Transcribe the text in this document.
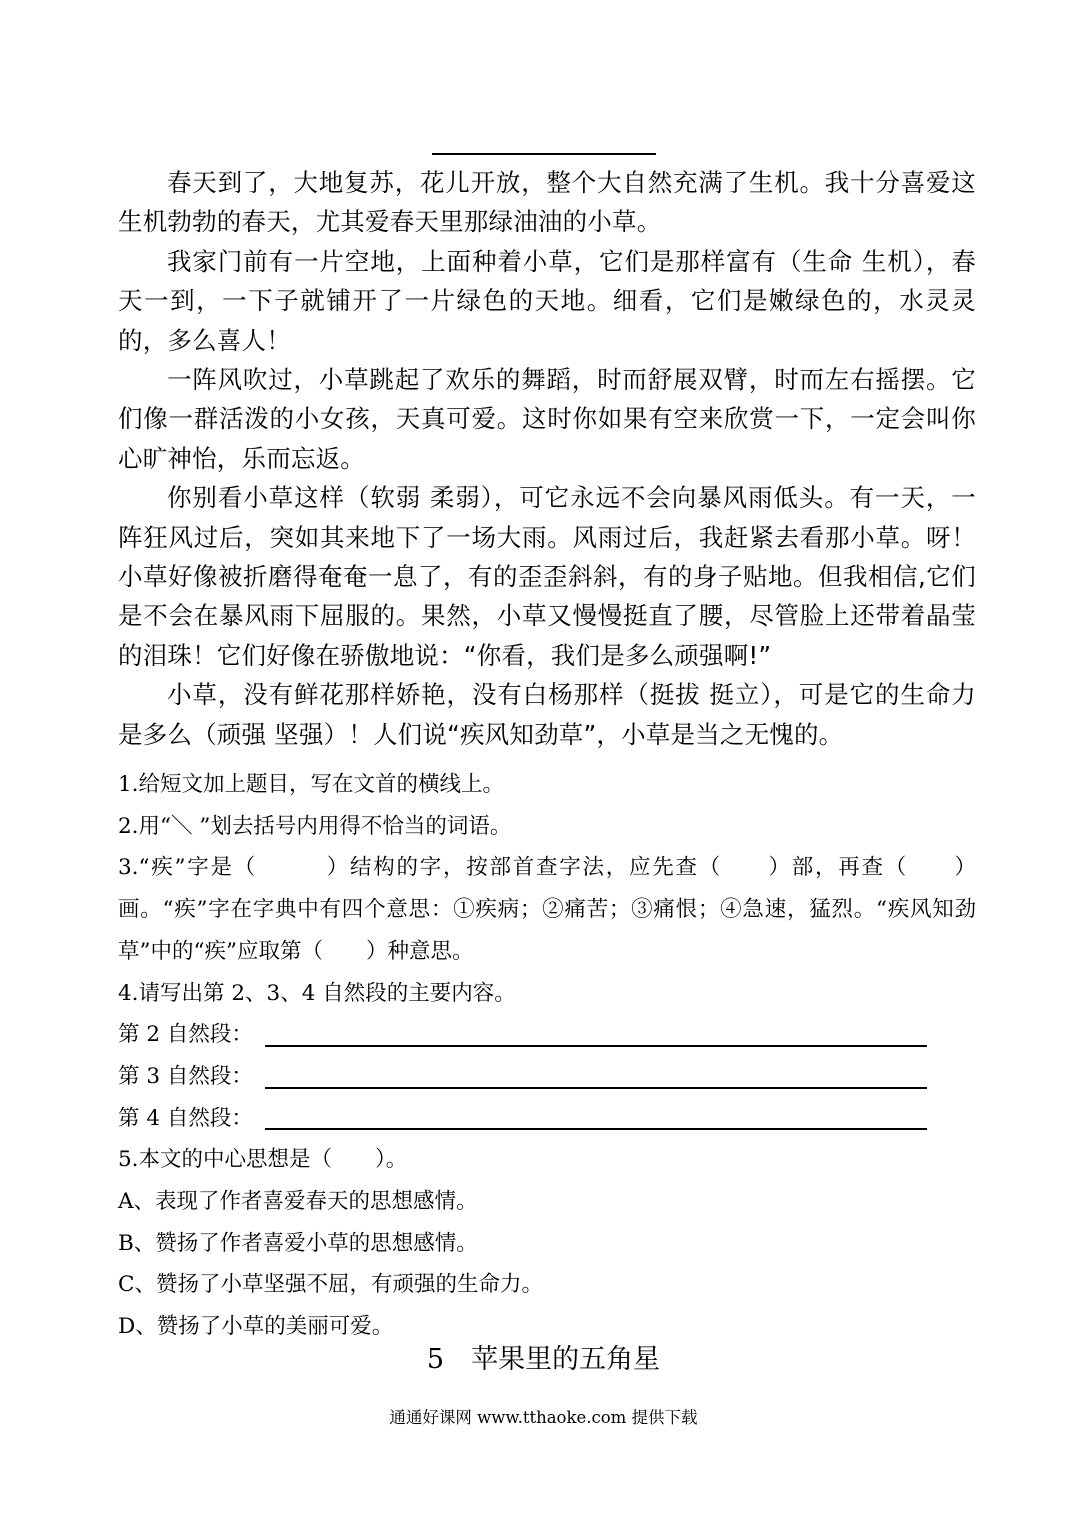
春天到了，大地复苏，花儿开放，整个大自然充满了生机。我十分喜爱这生机勃勃的春天，尤其爱春天里那绿油油的小草。

我家门前有一片空地，上面种着小草，它们是那样富有（生命 生机），春天一到，一下子就铺开了一片绿色的天地。细看，它们是嫩绿色的，水灵灵的，多么喜人！

一阵风吹过，小草跳起了欢乐的舞蹈，时而舒展双臂，时而左右摇摆。它们像一群活泼的小女孩，天真可爱。这时你如果有空来欣赏一下，一定会叫你心旷神怡，乐而忘返。

你别看小草这样（软弱 柔弱），可它永远不会向暴风雨低头。有一天，一阵狂风过后，突如其来地下了一场大雨。风雨过后，我赶紧去看那小草。呀！小草好像被折磨得奄奄一息了，有的歪歪斜斜，有的身子贴地。但我相信,它们是不会在暴风雨下屈服的。果然，小草又慢慢挺直了腰，尽管脸上还带着晶莹的泪珠！它们好像在骄傲地说：“你看，我们是多么顽强啊!”

小草，没有鲜花那样娇艳，没有白杨那样（挺拔 挺立），可是它的生命力是多么（顽强 坚强）！人们说“疾风知劲草”，小草是当之无愧的。

1.给短文加上题目，写在文首的横线上。

2.用“＼ ”划去括号内用得不恰当的词语。

3.“疾”字是（　　　）结构的字，按部首查字法，应先查（　　）部，再查（　　）画。“疾”字在字典中有四个意思：①疾病；②痛苦；③痛恨；④急速，猛烈。“疾风知劲草”中的“疾”应取第（　　）种意思。

4.请写出第 2、3、4 自然段的主要内容。

第 2 自然段：
第 3 自然段：
第 4 自然段：

5.本文的中心思想是（　　）。

A、表现了作者喜爱春天的思想感情。

B、赞扬了作者喜爱小草的思想感情。

C、赞扬了小草坚强不屈，有顽强的生命力。

D、赞扬了小草的美丽可爱。

5　苹果里的五角星
通通好课网 www.tthaoke.com 提供下载
